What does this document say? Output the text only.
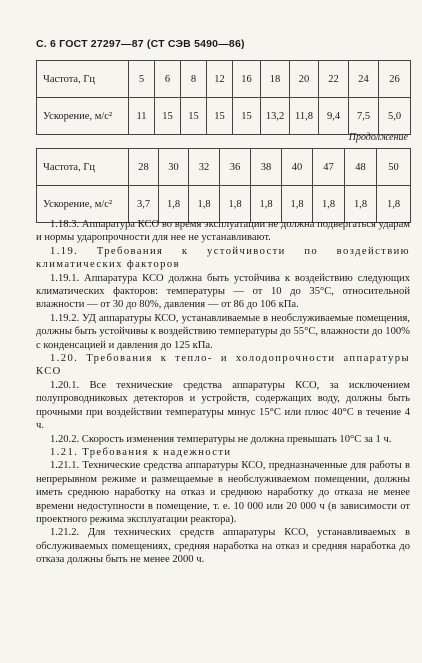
С. 6 ГОСТ 27297—87 (СТ СЭВ 5490—86)
Частота, Гц	5	6	8	12	16	18	20	22	24	26
Ускорение, м/с²	11	15	15	15	15	13,2	11,8	9,4	7,5	5,0
Продолжение
Частота, Гц	28	30	32	36	38	40	47	48	50
Ускорение, м/с²	3,7	1,8	1,8	1,8	1,8	1,8	1,8	1,8	1,8

1.18.3. Аппаратура КСО во время эксплуатации не должна подвергаться ударам и нормы ударопрочности для нее не устанавливают.

1.19. Требования к устойчивости по воздействию климатических факторов

1.19.1. Аппаратура КСО должна быть устойчива к воздействию следующих климатических факторов: температуры — от 10 до 35°С, относительной влажности — от 30 до 80%, давления — от 86 до 106 кПа.

1.19.2. УД аппаратуры КСО, устанавливаемые в необслуживаемые помещения, должны быть устойчивы к воздействию температуры до 55°С, влажности до 100% с конденсацией и давления до 125 кПа.

1.20. Требования к тепло- и холодопрочности аппаратуры КСО

1.20.1. Все технические средства аппаратуры КСО, за исключением полупроводниковых детекторов и устройств, содержащих воду, должны быть прочными при воздействии температуры минус 15°С или плюс 40°С в течение 4 ч.

1.20.2. Скорость изменения температуры не должна превышать 10°С за 1 ч.

1.21. Требования к надежности

1.21.1. Технические средства аппаратуры КСО, предназначенные для работы в непрерывном режиме и размещаемые в необслуживаемом помещении, должны иметь среднюю наработку на отказ и среднюю наработку до отказа не менее времени недоступности в помещение, т. е. 10 000 или 20 000 ч (в зависимости от проектного режима эксплуатации реактора).

1.21.2. Для технических средств аппаратуры КСО, устанавливаемых в обслуживаемых помещениях, средняя наработка на отказ и средняя наработка до отказа должны быть не менее 2000 ч.
